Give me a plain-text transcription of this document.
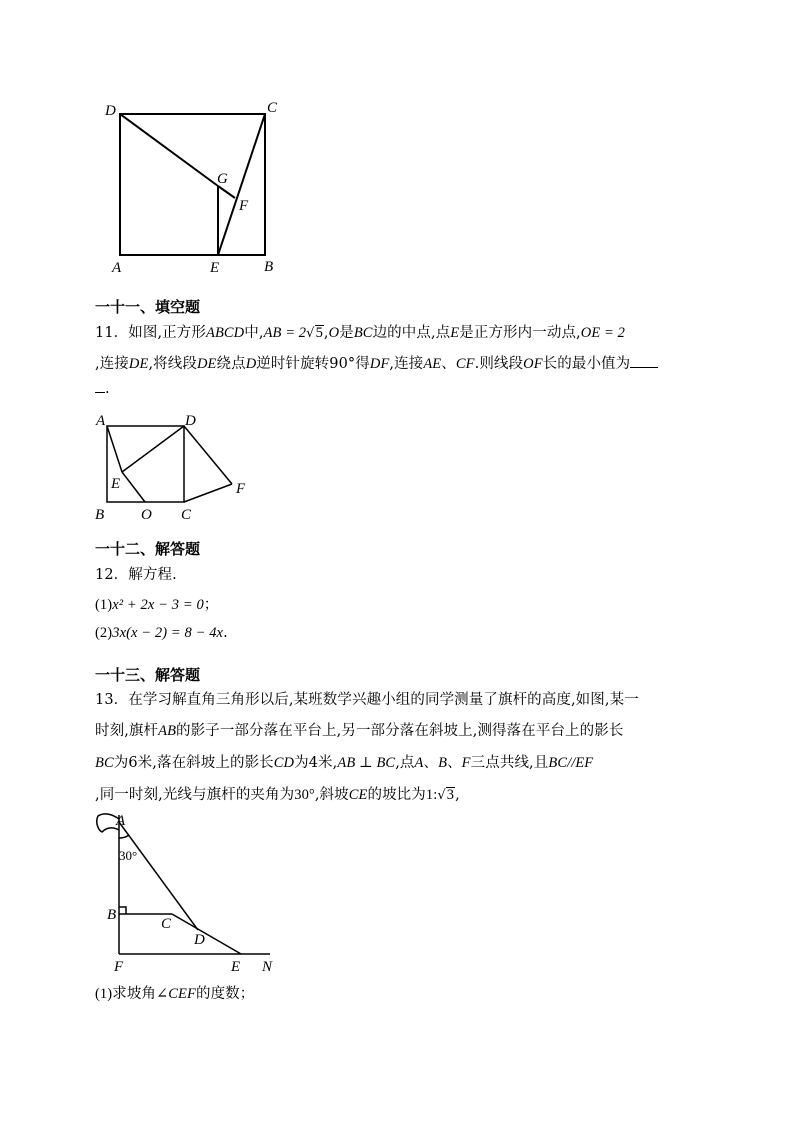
D	C
G
F
A	E	B
一十一、填空题
11．如图,正方形ABCD中,AB = 2√5,O是BC边的中点,点E是正方形内一动点,OE = 2
,连接DE,将线段DE绕点D逆时针旋转90°得DF,连接AE、CF.则线段OF长的最小值为
.
A	D
E	F
B O C
一十二、解答题
12．解方程.
(1)x² + 2x − 3 = 0；
(2)3x(x − 2) = 8 − 4x.
一十三、解答题
13．在学习解直角三角形以后,某班数学兴趣小组的同学测量了旗杆的高度,如图,某一
时刻,旗杆AB的影子一部分落在平台上,另一部分落在斜坡上,测得落在平台上的影长
BC为6米,落在斜坡上的影长CD为4米,AB ⊥ BC,点A、B、F三点共线,且BC//EF
,同一时刻,光线与旗杆的夹角为30°,斜坡CE的坡比为1:√3,
A
30°
B
C
D
F	E N
(1)求坡角∠CEF的度数；
